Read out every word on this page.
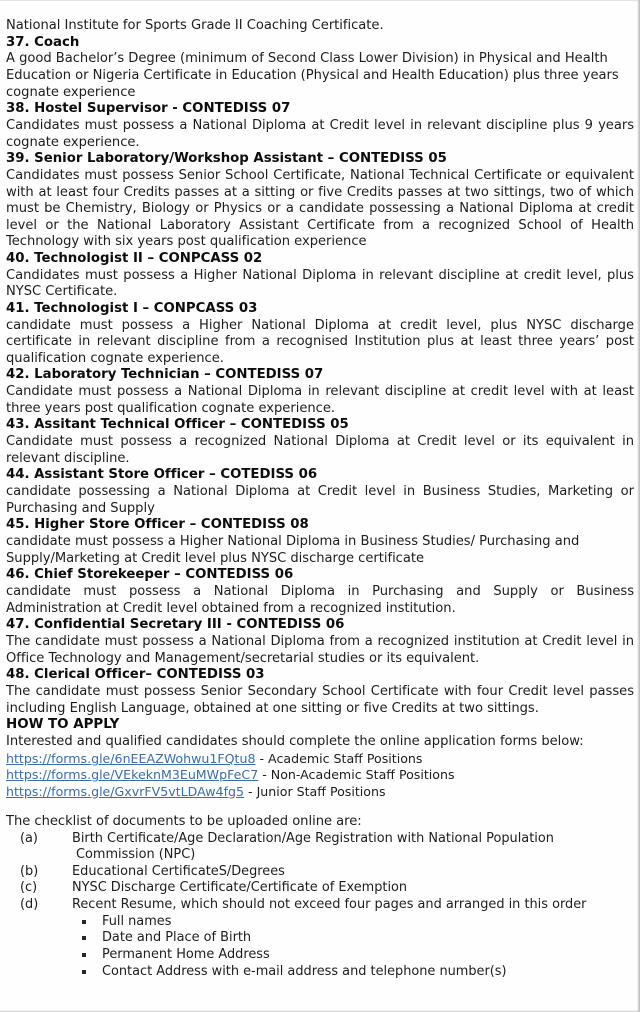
National Institute for Sports Grade II Coaching Certificate.

37. Coach

A good Bachelor’s Degree (minimum of Second Class Lower Division) in Physical and Health Education or Nigeria Certificate in Education (Physical and Health Education) plus three years cognate experience

38. Hostel Supervisor - CONTEDISS 07

Candidates must possess a National Diploma at Credit level in relevant discipline plus 9 years cognate experience.

39. Senior Laboratory/Workshop Assistant – CONTEDISS 05

Candidates must possess Senior School Certificate, National Technical Certificate or equivalent with at least four Credits passes at a sitting or five Credits passes at two sittings, two of which must be Chemistry, Biology or Physics or a candidate possessing a National Diploma at credit level or the National Laboratory Assistant Certificate from a recognized School of Health Technology with six years post qualification experience

40. Technologist II – CONPCASS 02

Candidates must possess a Higher National Diploma in relevant discipline at credit level, plus NYSC Certificate.

41. Technologist I – CONPCASS 03

candidate must possess a Higher National Diploma at credit level, plus NYSC discharge certificate in relevant discipline from a recognised Institution plus at least three years’ post qualification cognate experience.

42. Laboratory Technician – CONTEDISS 07

Candidate must possess a National Diploma in relevant discipline at credit level with at least three years post qualification cognate experience.

43. Assitant Technical Officer – CONTEDISS 05

Candidate must possess a recognized National Diploma at Credit level or its equivalent in relevant discipline.

44. Assistant Store Officer – COTEDISS 06

candidate possessing a National Diploma at Credit level in Business Studies, Marketing or Purchasing and Supply

45. Higher Store Officer – CONTEDISS 08

candidate must possess a Higher National Diploma in Business Studies/ Purchasing and Supply/Marketing at Credit level plus NYSC discharge certificate

46. Chief Storekeeper – CONTEDISS 06

candidate must possess a National Diploma in Purchasing and Supply or Business Administration at Credit level obtained from a recognized institution.

47. Confidential Secretary III - CONTEDISS 06

The candidate must possess a National Diploma from a recognized institution at Credit level in Office Technology and Management/secretarial studies or its equivalent.

48. Clerical Officer– CONTEDISS 03

The candidate must possess Senior Secondary School Certificate with four Credit level passes including English Language, obtained at one sitting or five Credits at two sittings.

HOW TO APPLY

Interested and qualified candidates should complete the online application forms below:

https://forms.gle/6nEEAZWohwu1FQtu8 - Academic Staff Positions

https://forms.gle/VEkeknM3EuMWpFeC7 - Non-Academic Staff Positions

https://forms.gle/GxvrFV5vtLDAw4fg5 - Junior Staff Positions

The checklist of documents to be uploaded online are:

(a)	Birth Certificate/Age Declaration/Age Registration with National Population Commission (NPC)
(b)	Educational CertificateS/Degrees
(c)	NYSC Discharge Certificate/Certificate of Exemption
(d)	Recent Resume, which should not exceed four pages and arranged in this order
Full names
Date and Place of Birth
Permanent Home Address
Contact Address with e-mail address and telephone number(s)
